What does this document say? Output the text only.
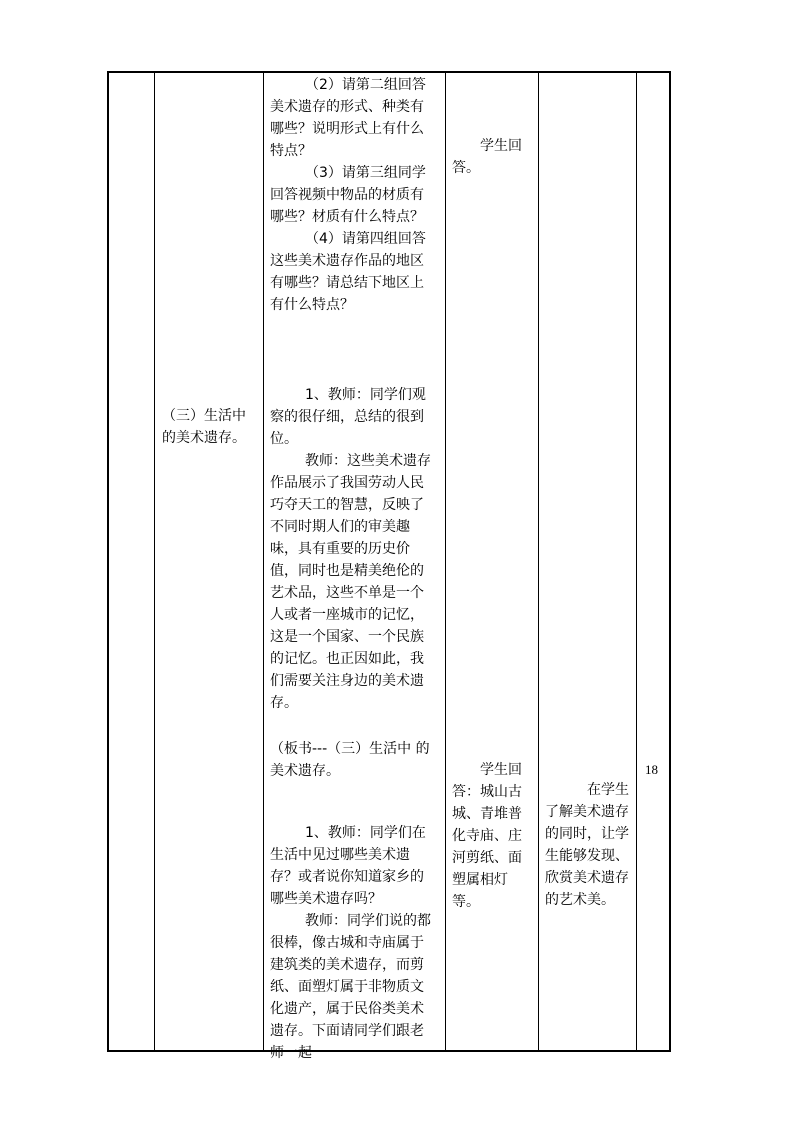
（三）生活中 的美术遗存。

（2）请第二组回答美术遗存的形式、种类有哪些？说明形式上有什么特点？

（3）请第三组同学回答视频中物品的材质有哪些？材质有什么特点？

（4）请第四组回答这些美术遗存作品的地区有哪些？请总结下地区上有什么特点？

1、教师：同学们观察的很仔细，总结的很到位。

教师：这些美术遗存作品展示了我国劳动人民巧夺天工的智慧，反映了不同时期人们的审美趣味，具有重要的历史价值，同时也是精美绝伦的艺术品，这些不单是一个人或者一座城市的记忆，这是一个国家、一个民族的记忆。也正因如此，我们需要关注身边的美术遗存。

（板书---（三）生活中 的美术遗存。

1、教师：同学们在生活中见过哪些美术遗存？或者说你知道家乡的哪些美术遗存吗？

教师：同学们说的都很棒，像古城和寺庙属于建筑类的美术遗存，而剪纸、面塑灯属于非物质文化遗产，属于民俗类美术遗存。下面请同学们跟老师一起

学生回答。

学生回答：城山古城、青堆普化寺庙、庄河剪纸、面塑属相灯等。

在学生了解美术遗存的同时，让学生能够发现、欣赏美术遗存的艺术美。

18
